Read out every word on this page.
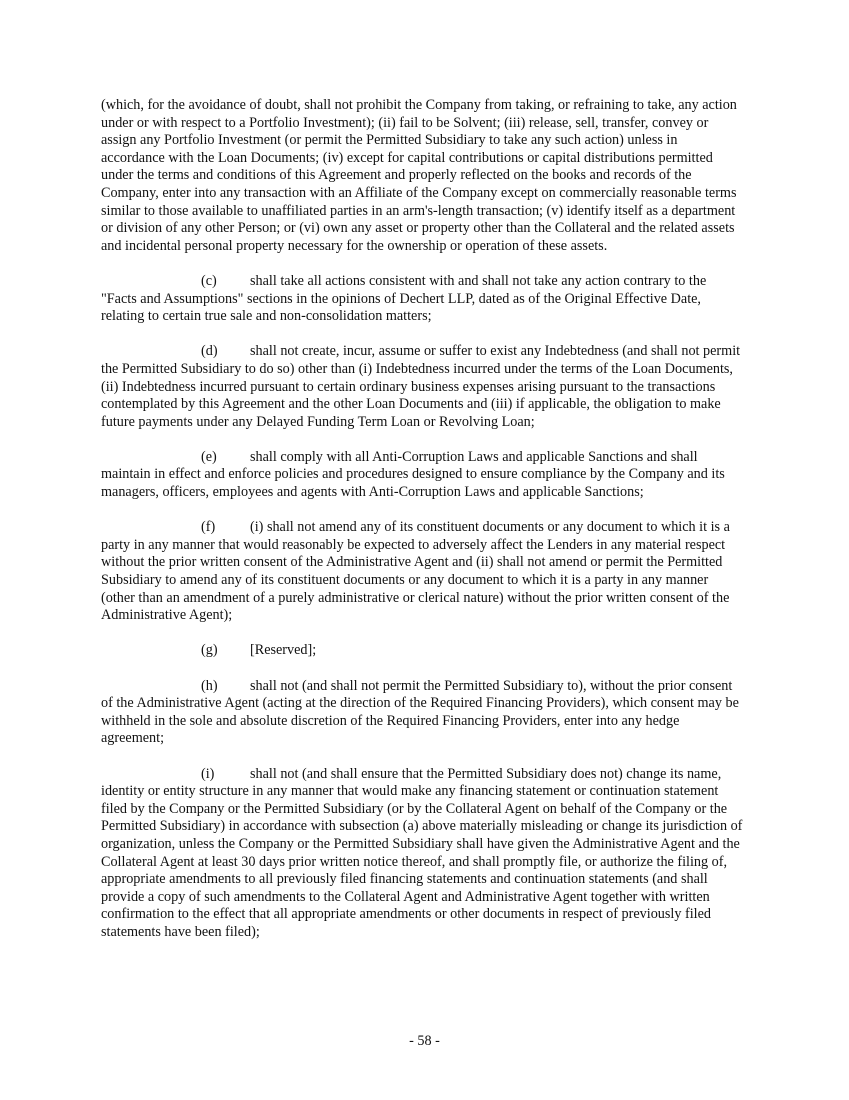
(which, for the avoidance of doubt, shall not prohibit the Company from taking, or refraining to take, any action under or with respect to a Portfolio Investment); (ii) fail to be Solvent; (iii) release, sell, transfer, convey or assign any Portfolio Investment (or permit the Permitted Subsidiary to take any such action) unless in accordance with the Loan Documents; (iv) except for capital contributions or capital distributions permitted under the terms and conditions of this Agreement and properly reflected on the books and records of the Company, enter into any transaction with an Affiliate of the Company except on commercially reasonable terms similar to those available to unaffiliated parties in an arm's-length transaction; (v) identify itself as a department or division of any other Person; or (vi) own any asset or property other than the Collateral and the related assets and incidental personal property necessary for the ownership or operation of these assets.

(c) shall take all actions consistent with and shall not take any action contrary to the "Facts and Assumptions" sections in the opinions of Dechert LLP, dated as of the Original Effective Date, relating to certain true sale and non-consolidation matters;

(d) shall not create, incur, assume or suffer to exist any Indebtedness (and shall not permit the Permitted Subsidiary to do so) other than (i) Indebtedness incurred under the terms of the Loan Documents, (ii) Indebtedness incurred pursuant to certain ordinary business expenses arising pursuant to the transactions contemplated by this Agreement and the other Loan Documents and (iii) if applicable, the obligation to make future payments under any Delayed Funding Term Loan or Revolving Loan;

(e) shall comply with all Anti-Corruption Laws and applicable Sanctions and shall maintain in effect and enforce policies and procedures designed to ensure compliance by the Company and its managers, officers, employees and agents with Anti-Corruption Laws and applicable Sanctions;

(f) (i) shall not amend any of its constituent documents or any document to which it is a party in any manner that would reasonably be expected to adversely affect the Lenders in any material respect without the prior written consent of the Administrative Agent and (ii) shall not amend or permit the Permitted Subsidiary to amend any of its constituent documents or any document to which it is a party in any manner (other than an amendment of a purely administrative or clerical nature) without the prior written consent of the Administrative Agent);

(g) [Reserved];

(h) shall not (and shall not permit the Permitted Subsidiary to), without the prior consent of the Administrative Agent (acting at the direction of the Required Financing Providers), which consent may be withheld in the sole and absolute discretion of the Required Financing Providers, enter into any hedge agreement;

(i)	shall not (and shall ensure that the Permitted Subsidiary does not) change its name, identity or entity structure in any manner that would make any financing statement or continuation statement filed by the Company or the Permitted Subsidiary (or by the Collateral Agent on behalf of the Company or the Permitted Subsidiary) in accordance with subsection (a) above materially misleading or change its jurisdiction of organization, unless the Company or the Permitted Subsidiary shall have given the Administrative Agent and the Collateral Agent at least 30 days prior written notice thereof, and shall promptly file, or authorize the filing of, appropriate amendments to all previously filed financing statements and continuation statements (and shall provide a copy of such amendments to the Collateral Agent and Administrative Agent together with written confirmation to the effect that all appropriate amendments or other documents in respect of previously filed statements have been filed);

- 58 -
